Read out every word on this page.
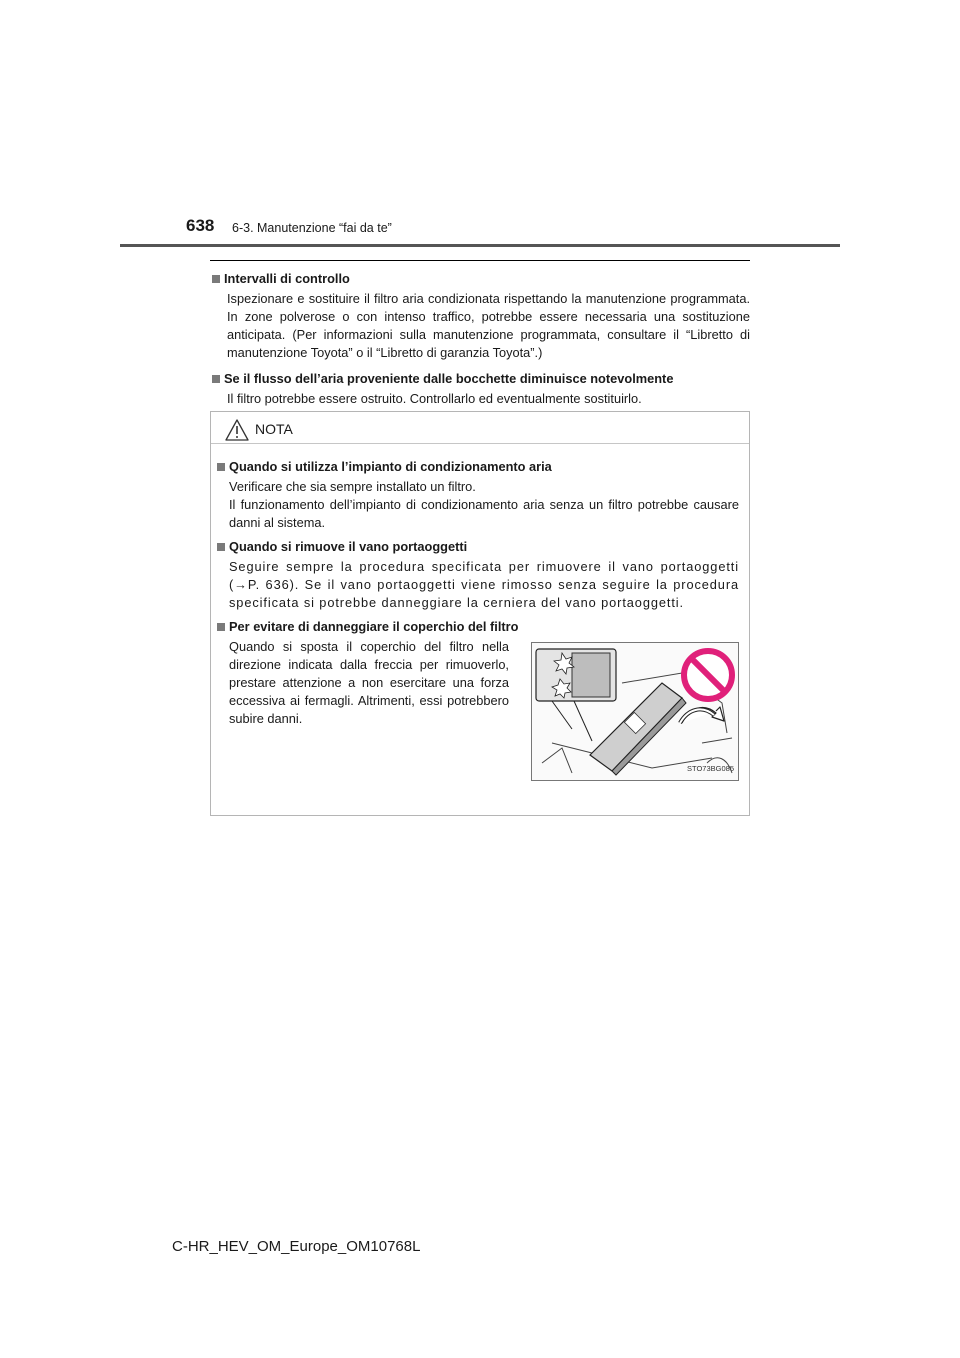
638 6-3. Manutenzione “fai da te”
Intervalli di controllo
Ispezionare e sostituire il filtro aria condizionata rispettando la manutenzione programmata. In zone polverose o con intenso traffico, potrebbe essere necessaria una sostituzione anticipata. (Per informazioni sulla manutenzione programmata, consultare il “Libretto di manutenzione Toyota” o il “Libretto di garanzia Toyota”.)
Se il flusso dell’aria proveniente dalle bocchette diminuisce notevolmente
Il filtro potrebbe essere ostruito. Controllarlo ed eventualmente sostituirlo.
NOTA
Quando si utilizza l’impianto di condizionamento aria
Verificare che sia sempre installato un filtro.
Il funzionamento dell’impianto di condizionamento aria senza un filtro potrebbe causare danni al sistema.
Quando si rimuove il vano portaoggetti
Seguire sempre la procedura specificata per rimuovere il vano portaoggetti (→P. 636). Se il vano portaoggetti viene rimosso senza seguire la procedura specificata si potrebbe danneggiare la cerniera del vano portaoggetti.
Per evitare di danneggiare il coperchio del filtro
Quando si sposta il coperchio del filtro nella direzione indicata dalla freccia per rimuoverlo, prestare attenzione a non esercitare una forza eccessiva ai fermagli. Altrimenti, essi potrebbero subire danni.
STO73BG085
C-HR_HEV_OM_Europe_OM10768L
